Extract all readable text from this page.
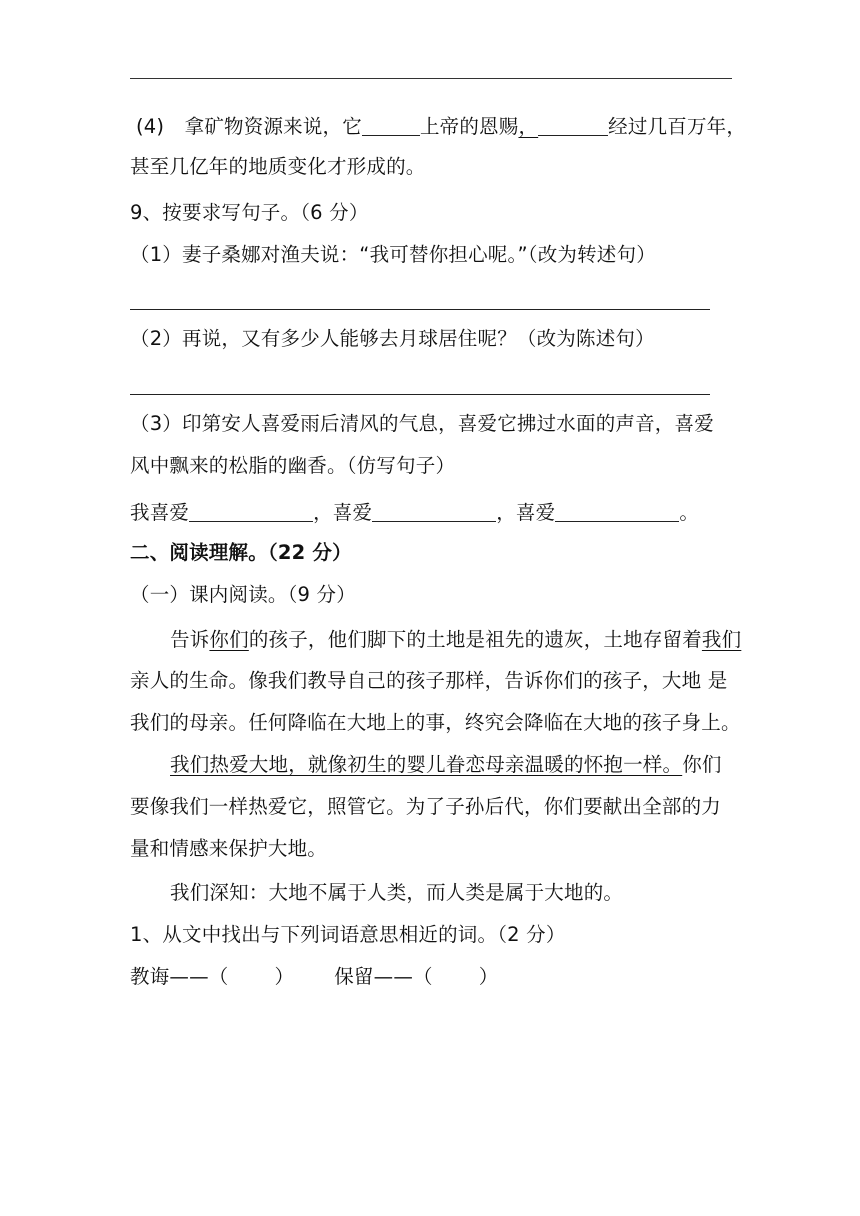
(4) 拿矿物资源来说，它	上帝的恩赐，	经过几百万年，
甚至几亿年的地质变化才形成的。
9、按要求写句子。（6 分）
（1）妻子桑娜对渔夫说：“我可替你担心呢。”（改为转述句）
（2）再说，又有多少人能够去月球居住呢？（改为陈述句）
（3）印第安人喜爱雨后清风的气息，喜爱它拂过水面的声音，喜爱
风中飘来的松脂的幽香。（仿写句子）
我喜爱	，喜爱	，喜爱	。
二、阅读理解。（22 分）
（一）课内阅读。（9 分）
告诉你们的孩子，他们脚下的土地是祖先的遗灰，土地存留着我们
亲人的生命。像我们教导自己的孩子那样，告诉你们的孩子，大地 是
我们的母亲。任何降临在大地上的事，终究会降临在大地的孩子身上。
我们热爱大地，就像初生的婴儿眷恋母亲温暖的怀抱一样。你们
要像我们一样热爱它，照管它。为了子孙后代，你们要献出全部的力
量和情感来保护大地。
我们深知：大地不属于人类，而人类是属于大地的。
1、从文中找出与下列词语意思相近的词。（2 分）
教诲——（ ） 保留——（ ）
